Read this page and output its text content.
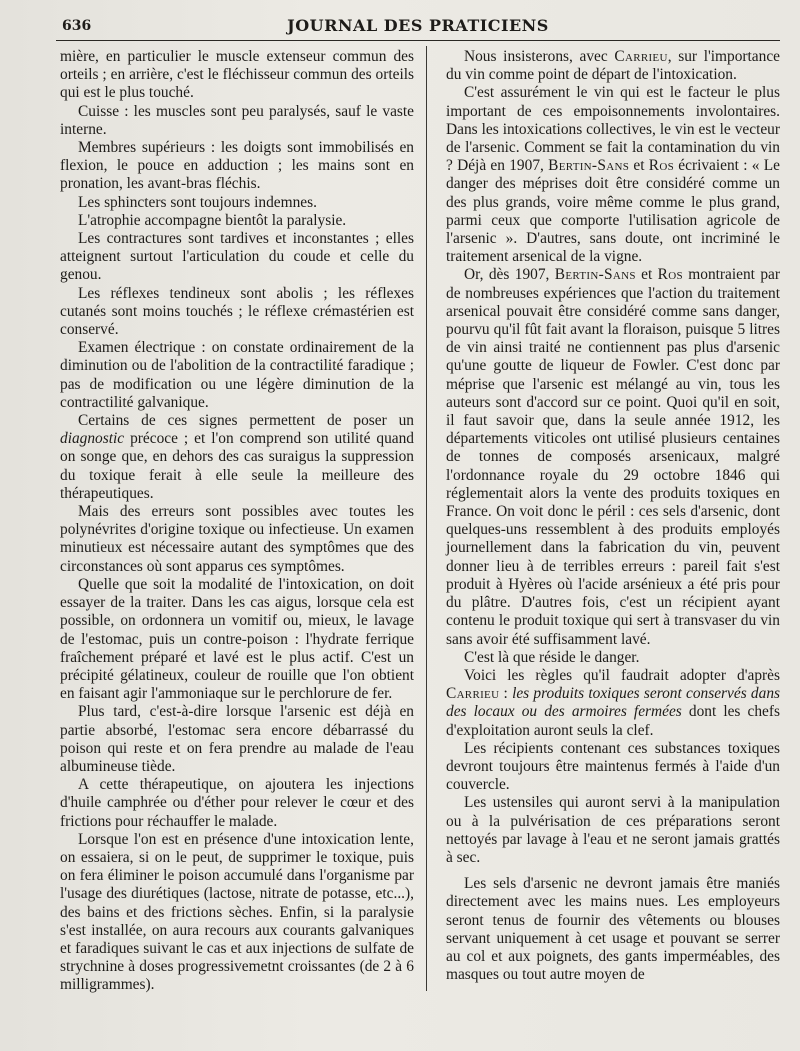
636	JOURNAL DES PRATICIENS

mière, en particulier le muscle extenseur commun des orteils ; en arrière, c'est le fléchisseur commun des orteils qui est le plus touché.

Cuisse : les muscles sont peu paralysés, sauf le vaste interne.

Membres supérieurs : les doigts sont immobilisés en flexion, le pouce en adduction ; les mains sont en pronation, les avant-bras fléchis.

Les sphincters sont toujours indemnes.

L'atrophie accompagne bientôt la paralysie.

Les contractures sont tardives et inconstantes ; elles atteignent surtout l'articulation du coude et celle du genou.

Les réflexes tendineux sont abolis ; les réflexes cutanés sont moins touchés ; le réflexe crémastérien est conservé.

Examen électrique : on constate ordinairement de la diminution ou de l'abolition de la contractilité faradique ; pas de modification ou une légère diminution de la contractilité galvanique.

Certains de ces signes permettent de poser un diagnostic précoce ; et l'on comprend son utilité quand on songe que, en dehors des cas suraigus la suppression du toxique ferait à elle seule la meilleure des thérapeutiques.

Mais des erreurs sont possibles avec toutes les polynévrites d'origine toxique ou infectieuse. Un examen minutieux est nécessaire autant des symptômes que des circonstances où sont apparus ces symptômes.

Quelle que soit la modalité de l'intoxication, on doit essayer de la traiter. Dans les cas aigus, lorsque cela est possible, on ordonnera un vomitif ou, mieux, le lavage de l'estomac, puis un contre-poison : l'hydrate ferrique fraîchement préparé et lavé est le plus actif. C'est un précipité gélatineux, couleur de rouille que l'on obtient en faisant agir l'ammoniaque sur le perchlorure de fer.

Plus tard, c'est-à-dire lorsque l'arsenic est déjà en partie absorbé, l'estomac sera encore débarrassé du poison qui reste et on fera prendre au malade de l'eau albumineuse tiède.

A cette thérapeutique, on ajoutera les injections d'huile camphrée ou d'éther pour relever le cœur et des frictions pour réchauffer le malade.

Lorsque l'on est en présence d'une intoxication lente, on essaiera, si on le peut, de supprimer le toxique, puis on fera éliminer le poison accumulé dans l'organisme par l'usage des diurétiques (lactose, nitrate de potasse, etc...), des bains et des frictions sèches. Enfin, si la paralysie s'est installée, on aura recours aux courants galvaniques et faradiques suivant le cas et aux injections de sulfate de strychnine à doses progressivemetnt croissantes (de 2 à 6 milligrammes).

Nous insisterons, avec Carrieu, sur l'importance du vin comme point de départ de l'intoxication.

C'est assurément le vin qui est le facteur le plus important de ces empoisonnements involontaires. Dans les intoxications collectives, le vin est le vecteur de l'arsenic. Comment se fait la contamination du vin ? Déjà en 1907, Bertin-Sans et Ros écrivaient : « Le danger des méprises doit être considéré comme un des plus grands, voire même comme le plus grand, parmi ceux que comporte l'utilisation agricole de l'arsenic ». D'autres, sans doute, ont incriminé le traitement arsenical de la vigne.

Or, dès 1907, Bertin-Sans et Ros montraient par de nombreuses expériences que l'action du traitement arsenical pouvait être considéré comme sans danger, pourvu qu'il fût fait avant la floraison, puisque 5 litres de vin ainsi traité ne contiennent pas plus d'arsenic qu'une goutte de liqueur de Fowler. C'est donc par méprise que l'arsenic est mélangé au vin, tous les auteurs sont d'accord sur ce point. Quoi qu'il en soit, il faut savoir que, dans la seule année 1912, les départements viticoles ont utilisé plusieurs centaines de tonnes de composés arsenicaux, malgré l'ordonnance royale du 29 octobre 1846 qui réglementait alors la vente des produits toxiques en France. On voit donc le péril : ces sels d'arsenic, dont quelques-uns ressemblent à des produits employés journellement dans la fabrication du vin, peuvent donner lieu à de terribles erreurs : pareil fait s'est produit à Hyères où l'acide arsénieux a été pris pour du plâtre. D'autres fois, c'est un récipient ayant contenu le produit toxique qui sert à transvaser du vin sans avoir été suffisamment lavé.

C'est là que réside le danger.

Voici les règles qu'il faudrait adopter d'après Carrieu : les produits toxiques seront conservés dans des locaux ou des armoires fermées dont les chefs d'exploitation auront seuls la clef.

Les récipients contenant ces substances toxiques devront toujours être maintenus fermés à l'aide d'un couvercle.

Les ustensiles qui auront servi à la manipulation ou à la pulvérisation de ces préparations seront nettoyés par lavage à l'eau et ne seront jamais grattés à sec.

Les sels d'arsenic ne devront jamais être maniés directement avec les mains nues. Les employeurs seront tenus de fournir des vêtements ou blouses servant uniquement à cet usage et pouvant se serrer au col et aux poignets, des gants imperméables, des masques ou tout autre moyen de
